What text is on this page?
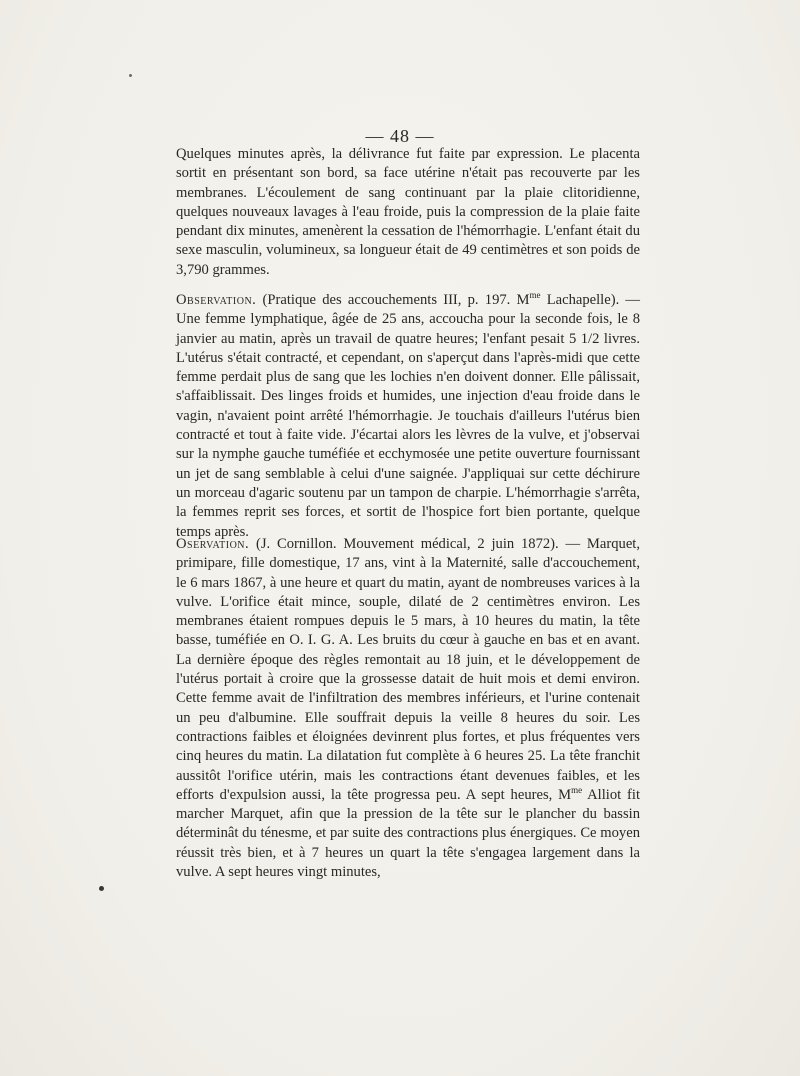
— 48 —

Quelques minutes après, la délivrance fut faite par expression. Le placenta sortit en présentant son bord, sa face utérine n'était pas recouverte par les membranes. L'écoulement de sang continuant par la plaie clitoridienne, quelques nouveaux lavages à l'eau froide, puis la compression de la plaie faite pendant dix minutes, amenèrent la cessation de l'hémorrhagie. L'enfant était du sexe masculin, volumineux, sa longueur était de 49 centimètres et son poids de 3,790 grammes.

Observation. (Pratique des accouchements III, p. 197. $M^{me}$ Lachapelle). — Une femme lymphatique, âgée de 25 ans, accoucha pour la seconde fois, le 8 janvier au matin, après un travail de quatre heures; l'enfant pesait 5 1/2 livres. L'utérus s'était contracté, et cependant, on s'aperçut dans l'après-midi que cette femme perdait plus de sang que les lochies n'en doivent donner. Elle pâlissait, s'affaiblissait. Des linges froids et humides, une injection d'eau froide dans le vagin, n'avaient point arrêté l'hémorrhagie. Je touchais d'ailleurs l'utérus bien contracté et tout à faite vide. J'écartai alors les lèvres de la vulve, et j'observai sur la nymphe gauche tuméfiée et ecchymosée une petite ouverture fournissant un jet de sang semblable à celui d'une saignée. J'appliquai sur cette déchirure un morceau d'agaric soutenu par un tampon de charpie. L'hémorrhagie s'arrêta, la femmes reprit ses forces, et sortit de l'hospice fort bien portante, quelque temps après.

Oservation. (J. Cornillon. Mouvement médical, 2 juin 1872). — Marquet, primipare, fille domestique, 17 ans, vint à la Maternité, salle d'accouchement, le 6 mars 1867, à une heure et quart du matin, ayant de nombreuses varices à la vulve. L'orifice était mince, souple, dilaté de 2 centimètres environ. Les membranes étaient rompues depuis le 5 mars, à 10 heures du matin, la tête basse, tuméfiée en O. I. G. A. Les bruits du cœur à gauche en bas et en avant. La dernière époque des règles remontait au 18 juin, et le développement de l'utérus portait à croire que la grossesse datait de huit mois et demi environ. Cette femme avait de l'infiltration des membres inférieurs, et l'urine contenait un peu d'albumine. Elle souffrait depuis la veille 8 heures du soir. Les contractions faibles et éloignées devinrent plus fortes, et plus fréquentes vers cinq heures du matin. La dilatation fut complète à 6 heures 25. La tête franchit aussitôt l'orifice utérin, mais les contractions étant devenues faibles, et les efforts d'expulsion aussi, la tête progressa peu. A sept heures, $M^{me}$ Alliot fit marcher Marquet, afin que la pression de la tête sur le plancher du bassin déterminât du ténesme, et par suite des contractions plus énergiques. Ce moyen réussit très bien, et à 7 heures un quart la tête s'engagea largement dans la vulve. A sept heures vingt minutes,
